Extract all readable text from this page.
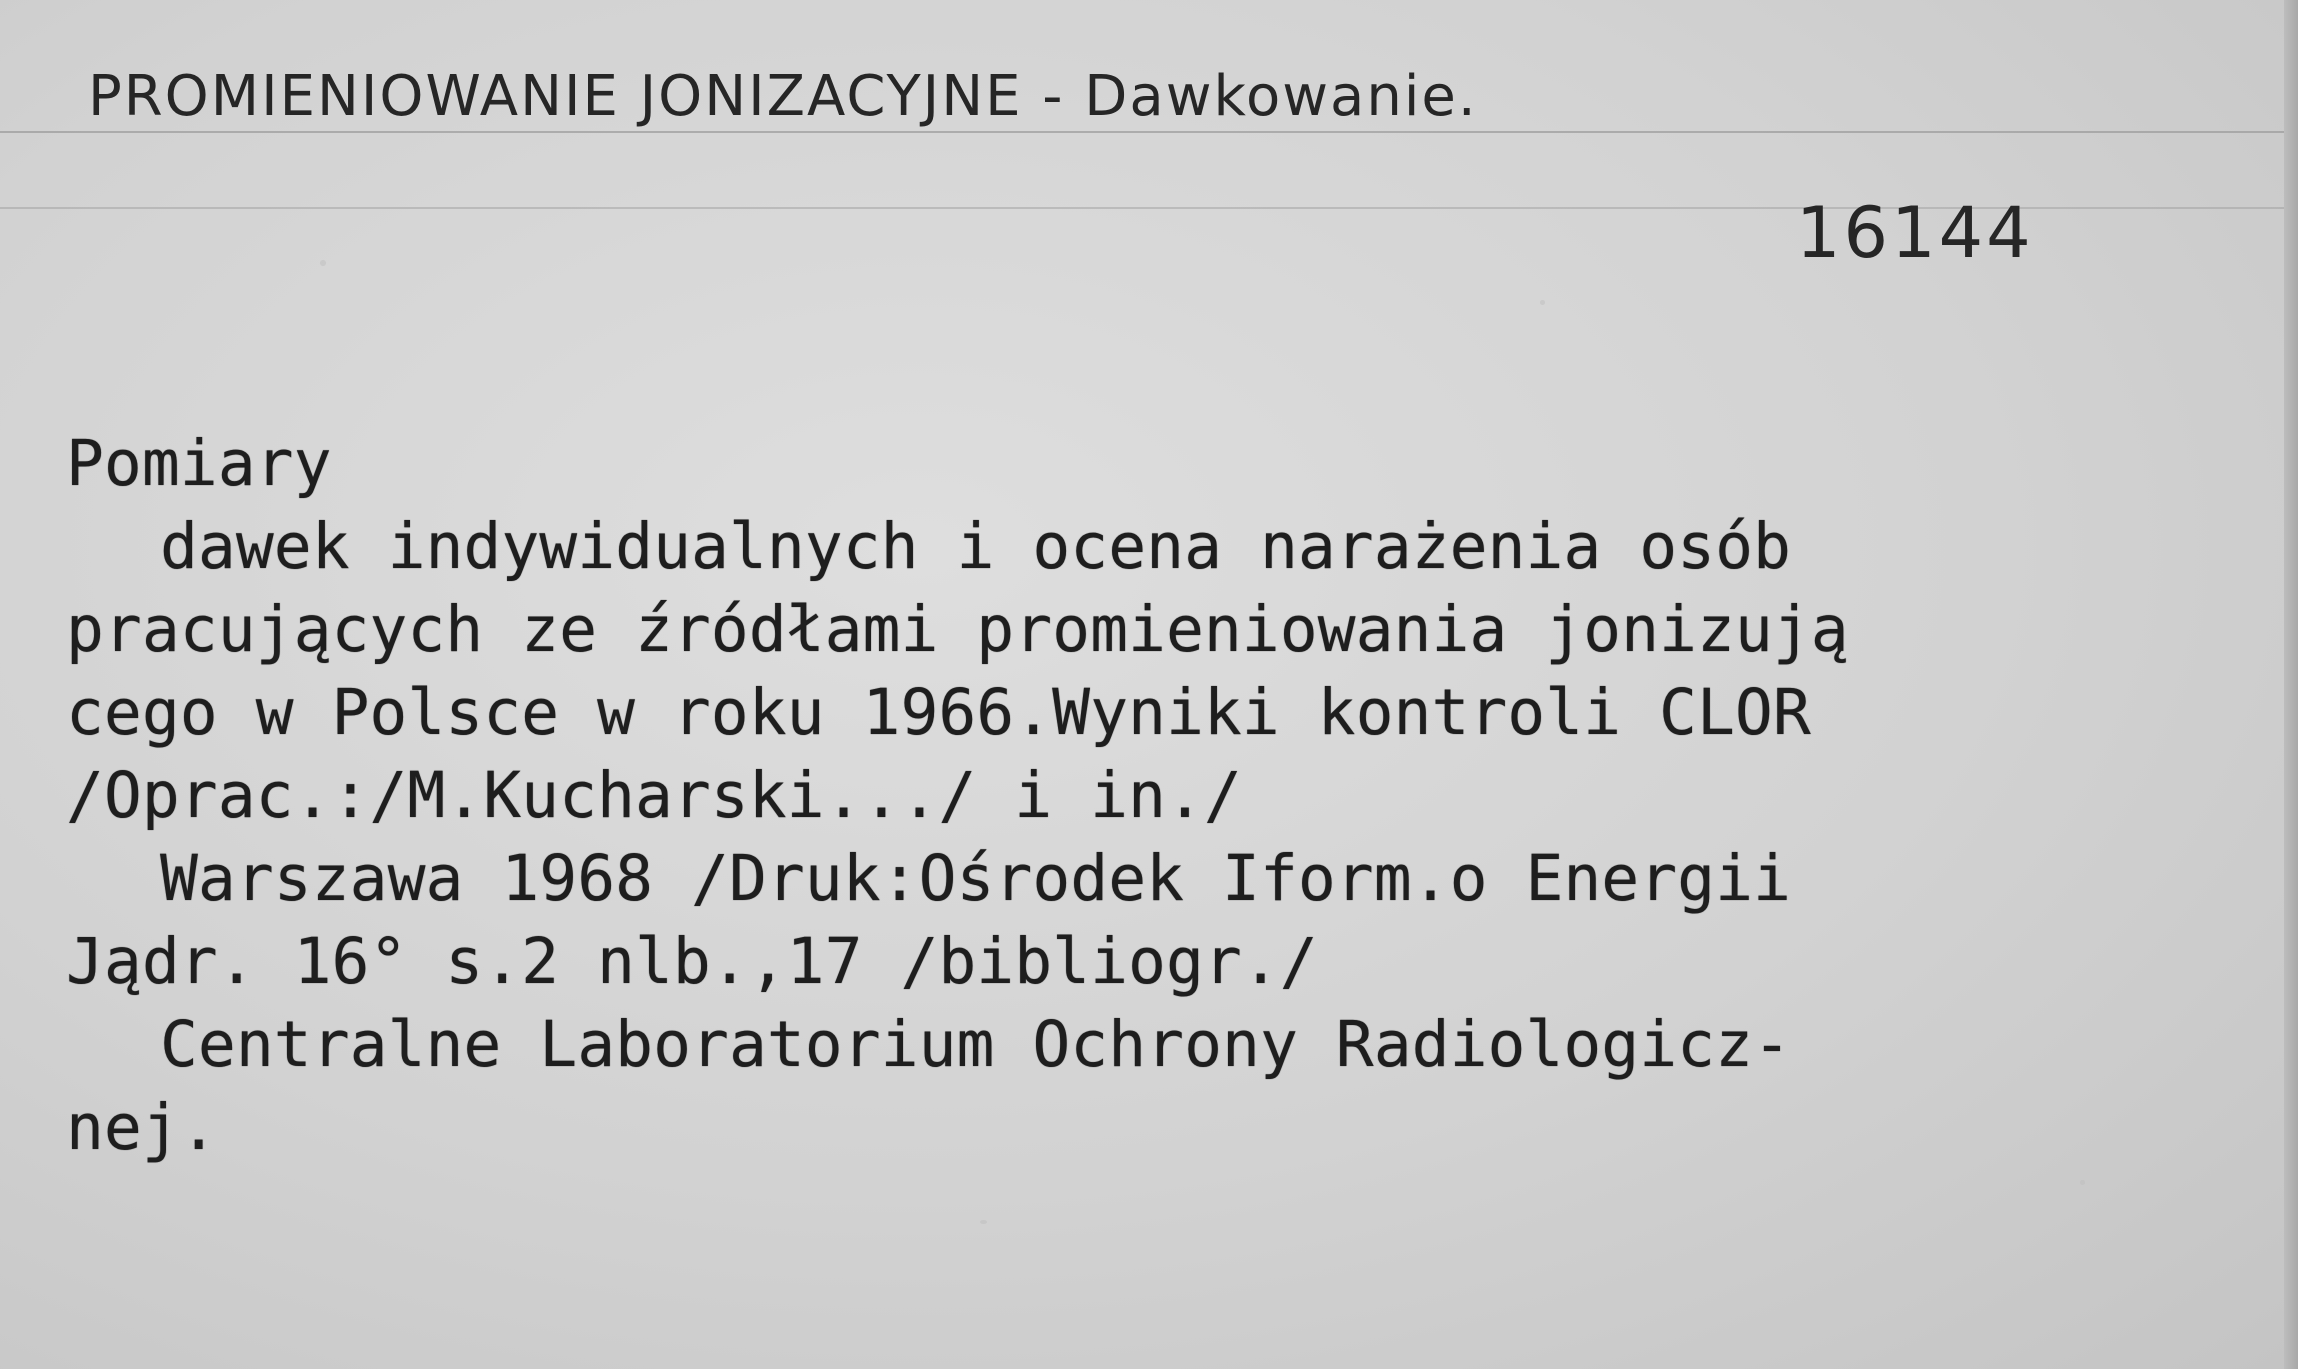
PROMIENIOWANIE JONIZACYJNE - Dawkowanie.
16144
Pomiary
dawek indywidualnych i ocena narażenia osób
pracujących ze źródłami promieniowania jonizują
cego w Polsce w roku 1966.Wyniki kontroli CLOR
/Oprac.:/M.Kucharski.../ i in./
Warszawa 1968 /Druk:Ośrodek Iform.o Energii
Jądr. 16° s.2 nlb.,17 /bibliogr./
Centralne Laboratorium Ochrony Radiologicz-
nej.
